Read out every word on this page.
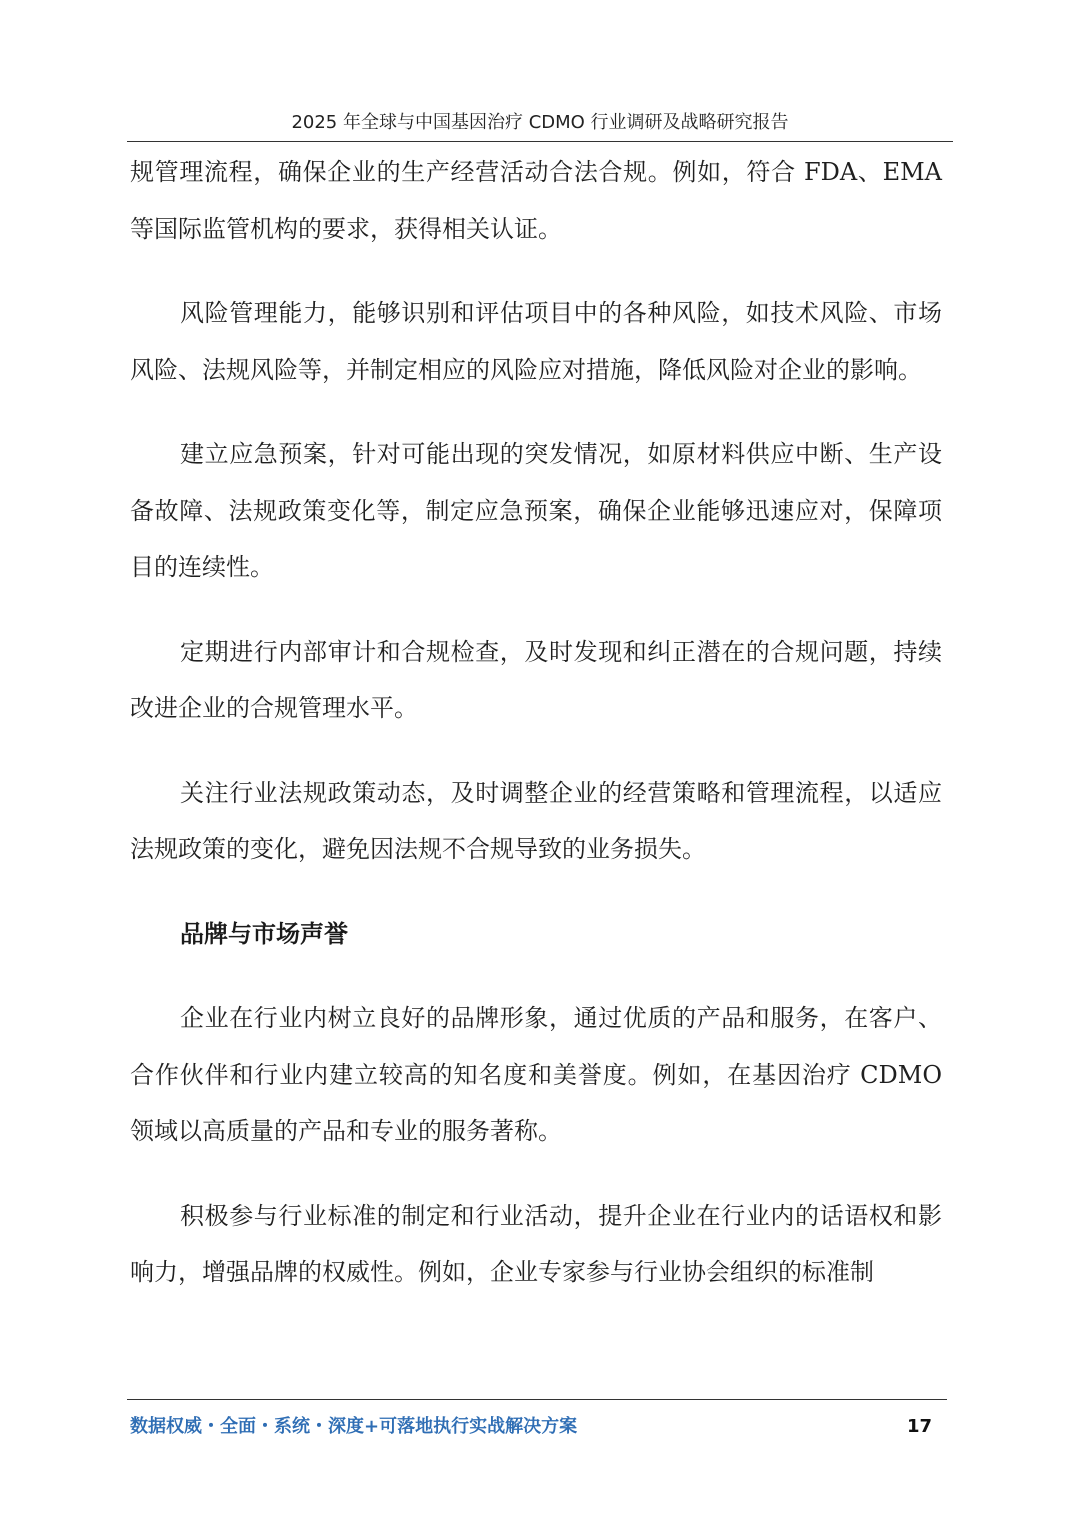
2025 年全球与中国基因治疗 CDMO 行业调研及战略研究报告

规管理流程，确保企业的生产经营活动合法合规。例如，符合 FDA、EMA 等国际监管机构的要求，获得相关认证。

风险管理能力，能够识别和评估项目中的各种风险，如技术风险、市场风险、法规风险等，并制定相应的风险应对措施，降低风险对企业的影响。

建立应急预案，针对可能出现的突发情况，如原材料供应中断、生产设备故障、法规政策变化等，制定应急预案，确保企业能够迅速应对，保障项目的连续性。

定期进行内部审计和合规检查，及时发现和纠正潜在的合规问题，持续改进企业的合规管理水平。

关注行业法规政策动态，及时调整企业的经营策略和管理流程，以适应法规政策的变化，避免因法规不合规导致的业务损失。

品牌与市场声誉

企业在行业内树立良好的品牌形象，通过优质的产品和服务，在客户、合作伙伴和行业内建立较高的知名度和美誉度。例如，在基因治疗 CDMO 领域以高质量的产品和专业的服务著称。

积极参与行业标准的制定和行业活动，提升企业在行业内的话语权和影响力，增强品牌的权威性。例如，企业专家参与行业协会组织的标准制

数据权威・全面・系统・深度+可落地执行实战解决方案	17
